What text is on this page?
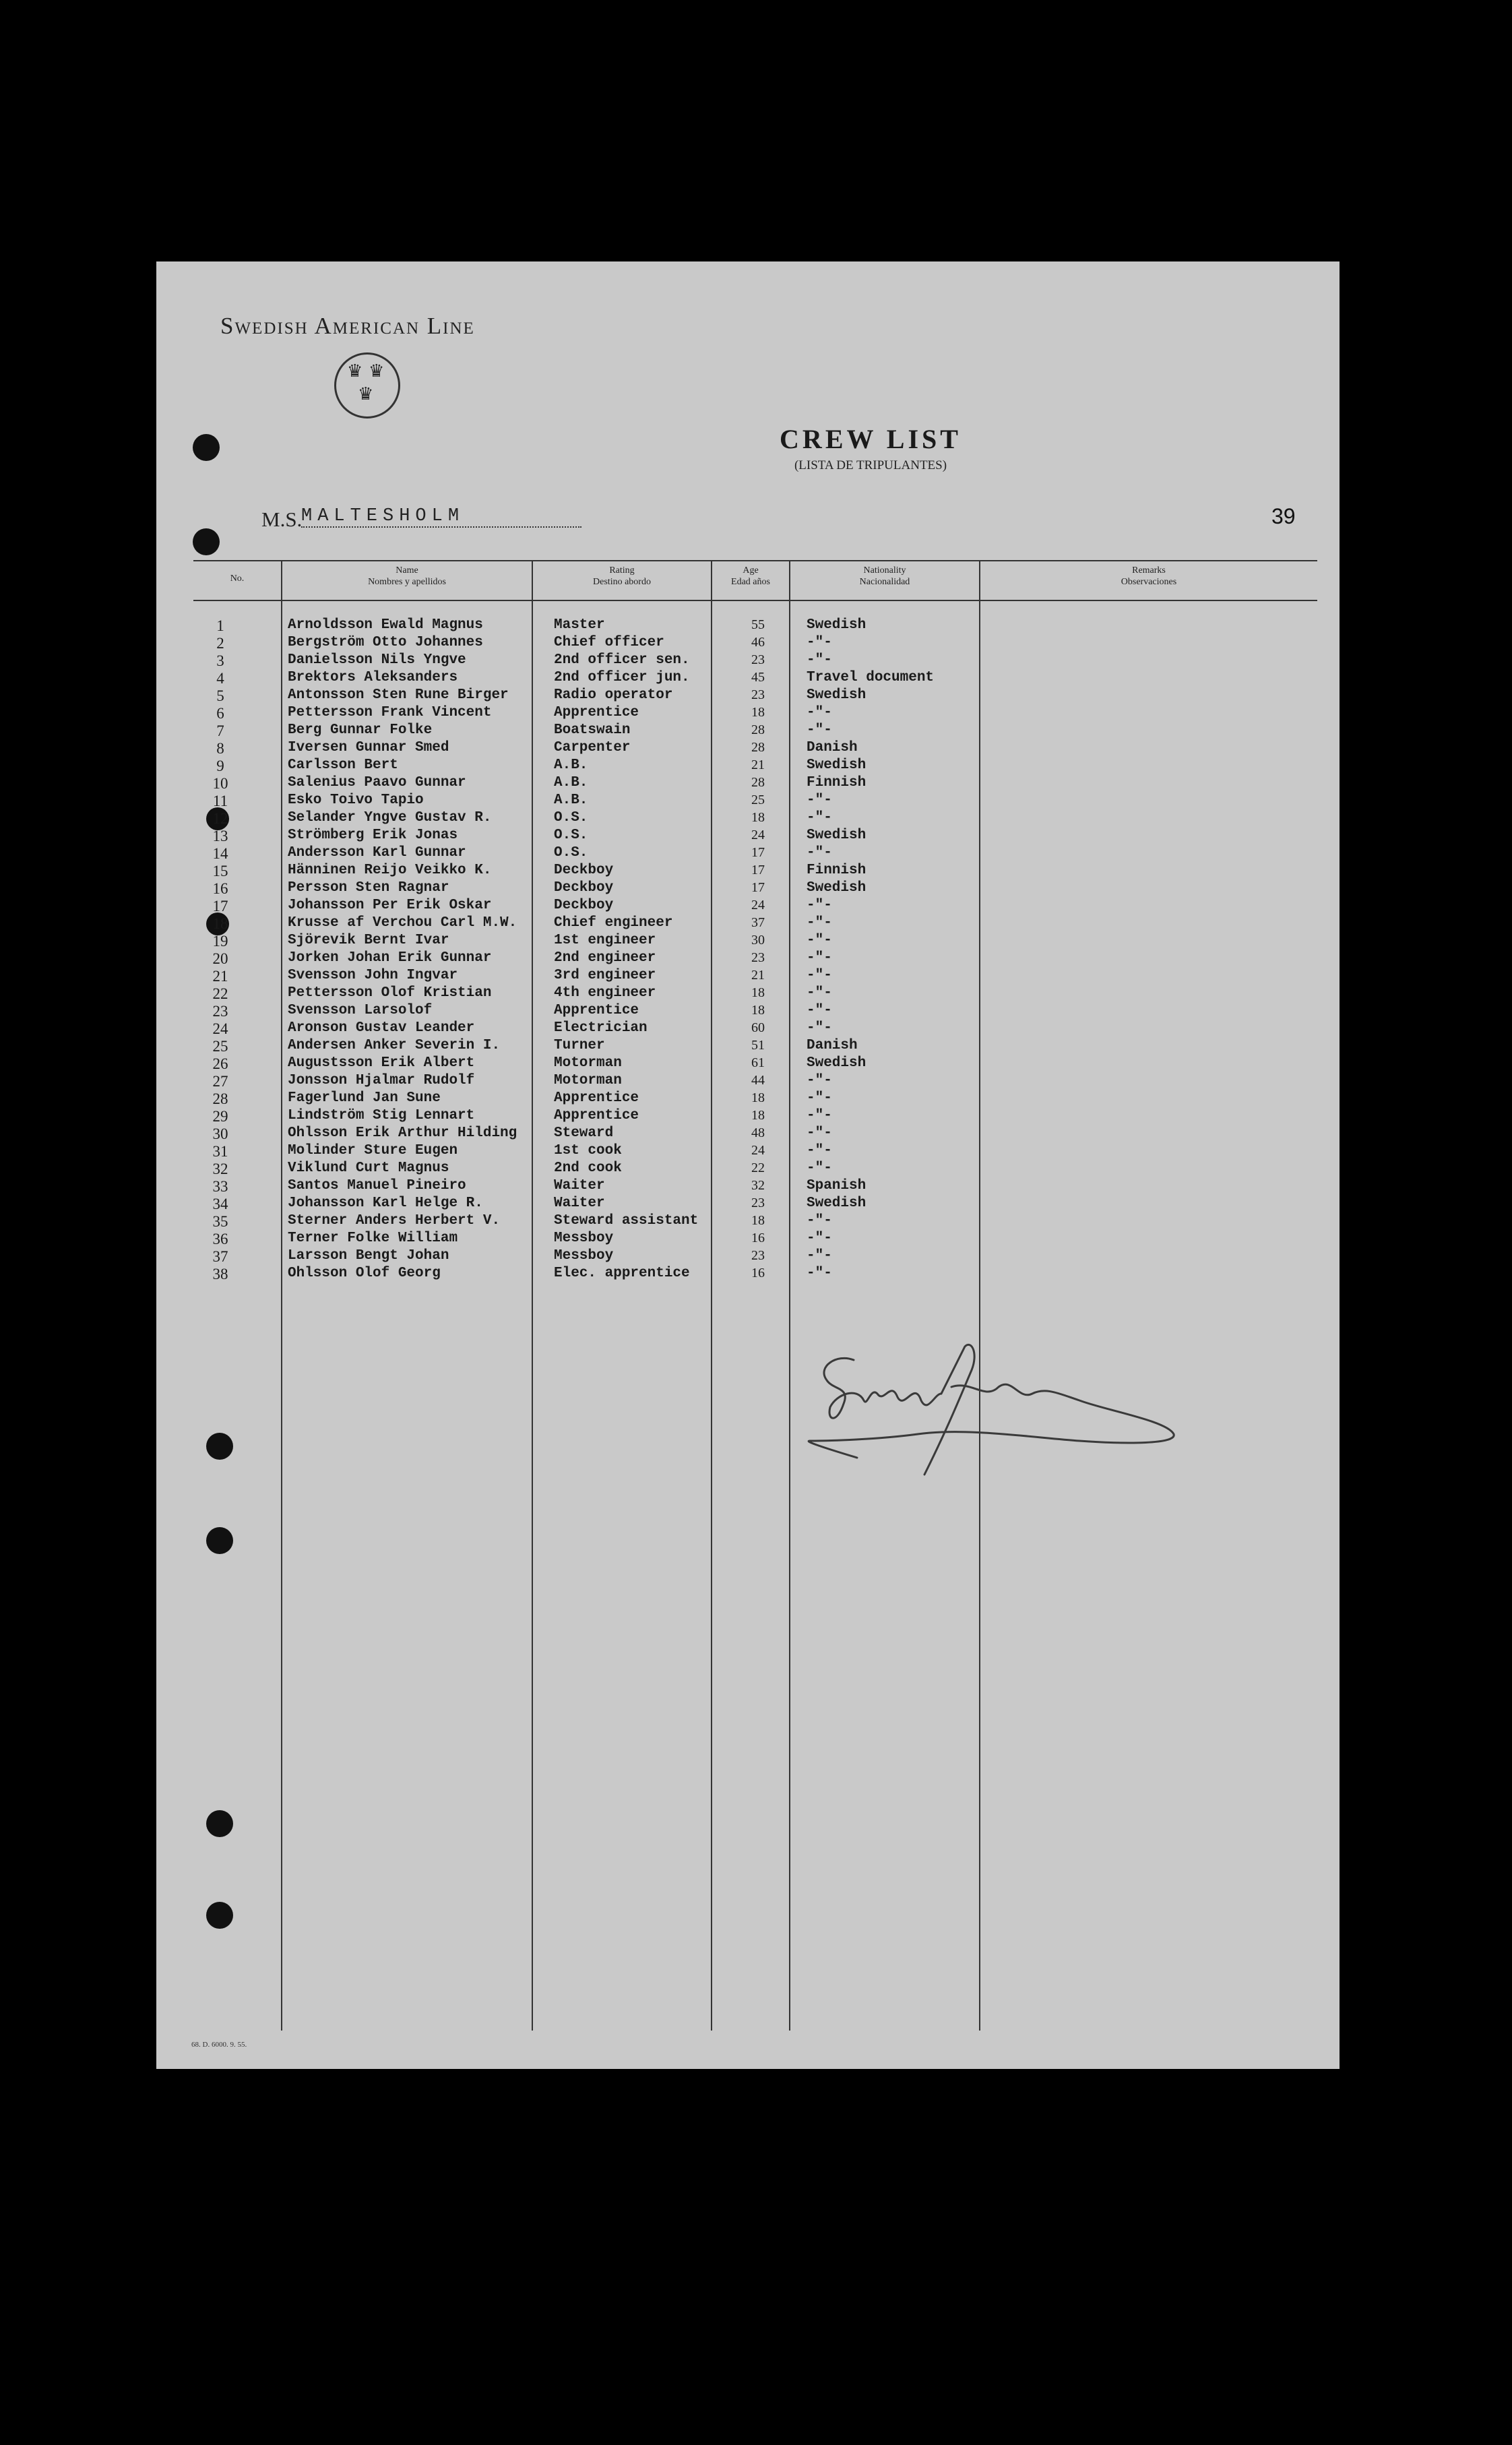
Swedish American Line
♛ ♛
♛
CREW LIST
(LISTA DE TRIPULANTES)
M.S.
MALTESHOLM	39
No.
Name
Nombres y apellidos
Rating
Destino abordo
Age
Edad años
Nationality
Nacionalidad
Remarks
Observaciones
1	Arnoldsson Ewald Magnus	Master	55	Swedish
2	Bergström Otto Johannes	Chief officer	46	-"-
3	Danielsson Nils Yngve	2nd officer sen.	23	-"-
4	Brektors Aleksanders	2nd officer jun.	45	Travel document
5	Antonsson Sten Rune Birger	Radio operator	23	Swedish
6	Pettersson Frank Vincent	Apprentice	18	-"-
7	Berg Gunnar Folke	Boatswain	28	-"-
8	Iversen Gunnar Smed	Carpenter	28	Danish
9	Carlsson Bert	A.B.	21	Swedish
10	Salenius Paavo Gunnar	A.B.	28	Finnish
11	Esko Toivo Tapio	A.B.	25	-"-
12	Selander Yngve Gustav R.	O.S.	18	-"-
13	Strömberg Erik Jonas	O.S.	24	Swedish
14	Andersson Karl Gunnar	O.S.	17	-"-
15	Hänninen Reijo Veikko K.	Deckboy	17	Finnish
16	Persson Sten Ragnar	Deckboy	17	Swedish
17	Johansson Per Erik Oskar	Deckboy	24	-"-
18	Krusse af Verchou Carl M.W.	Chief engineer	37	-"-
19	Sjörevik Bernt Ivar	1st engineer	30	-"-
20	Jorken Johan Erik Gunnar	2nd engineer	23	-"-
21	Svensson John Ingvar	3rd engineer	21	-"-
22	Pettersson Olof Kristian	4th engineer	18	-"-
23	Svensson Larsolof	Apprentice	18	-"-
24	Aronson Gustav Leander	Electrician	60	-"-
25	Andersen Anker Severin I.	Turner	51	Danish
26	Augustsson Erik Albert	Motorman	61	Swedish
27	Jonsson Hjalmar Rudolf	Motorman	44	-"-
28	Fagerlund Jan Sune	Apprentice	18	-"-
29	Lindström Stig Lennart	Apprentice	18	-"-
30	Ohlsson Erik Arthur Hilding	Steward	48	-"-
31	Molinder Sture Eugen	1st cook	24	-"-
32	Viklund Curt Magnus	2nd cook	22	-"-
33	Santos Manuel Pineiro	Waiter	32	Spanish
34	Johansson Karl Helge R.	Waiter	23	Swedish
35	Sterner Anders Herbert V.	Steward assistant	18	-"-
36	Terner Folke William	Messboy	16	-"-
37	Larsson Bengt Johan	Messboy	23	-"-
38	Ohlsson Olof Georg	Elec. apprentice	16	-"-
68. D. 6000. 9. 55.
